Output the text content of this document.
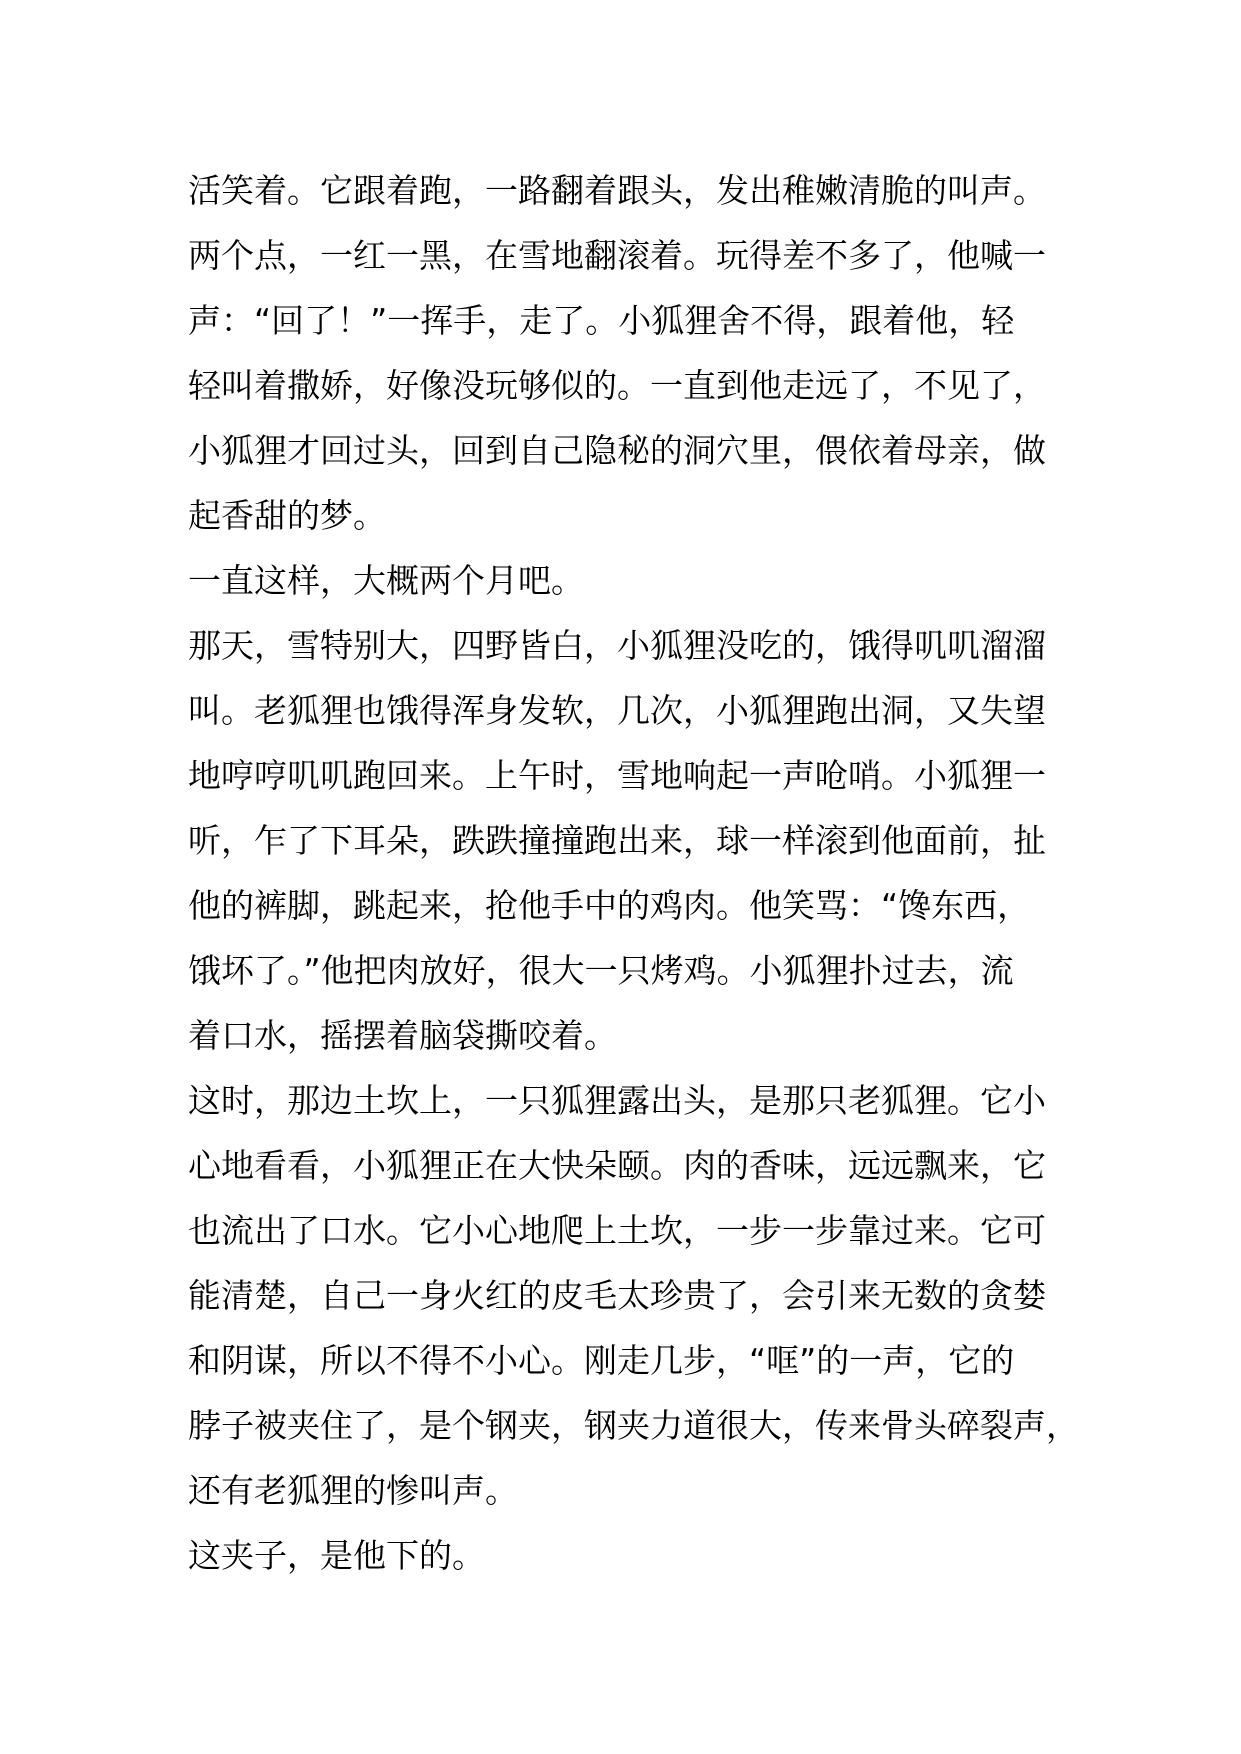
活笑着。它跟着跑，一路翻着跟头，发出稚嫩清脆的叫声。
两个点，一红一黑，在雪地翻滚着。玩得差不多了，他喊一
声：“回了！”一挥手，走了。小狐狸舍不得，跟着他，轻
轻叫着撒娇，好像没玩够似的。一直到他走远了，不见了，
小狐狸才回过头，回到自己隐秘的洞穴里，偎依着母亲，做
起香甜的梦。
一直这样，大概两个月吧。
那天，雪特别大，四野皆白，小狐狸没吃的，饿得叽叽溜溜
叫。老狐狸也饿得浑身发软，几次，小狐狸跑出洞，又失望
地哼哼叽叽跑回来。上午时，雪地响起一声呛哨。小狐狸一
听，乍了下耳朵，跌跌撞撞跑出来，球一样滚到他面前，扯
他的裤脚，跳起来，抢他手中的鸡肉。他笑骂：“馋东西，
饿坏了。”他把肉放好，很大一只烤鸡。小狐狸扑过去，流
着口水，摇摆着脑袋撕咬着。
这时，那边土坎上，一只狐狸露出头，是那只老狐狸。它小
心地看看，小狐狸正在大快朵颐。肉的香味，远远飘来，它
也流出了口水。它小心地爬上土坎，一步一步靠过来。它可
能清楚，自己一身火红的皮毛太珍贵了，会引来无数的贪婪
和阴谋，所以不得不小心。刚走几步，“哐”的一声，它的
脖子被夹住了，是个钢夹，钢夹力道很大，传来骨头碎裂声，
还有老狐狸的惨叫声。
这夹子，是他下的。
